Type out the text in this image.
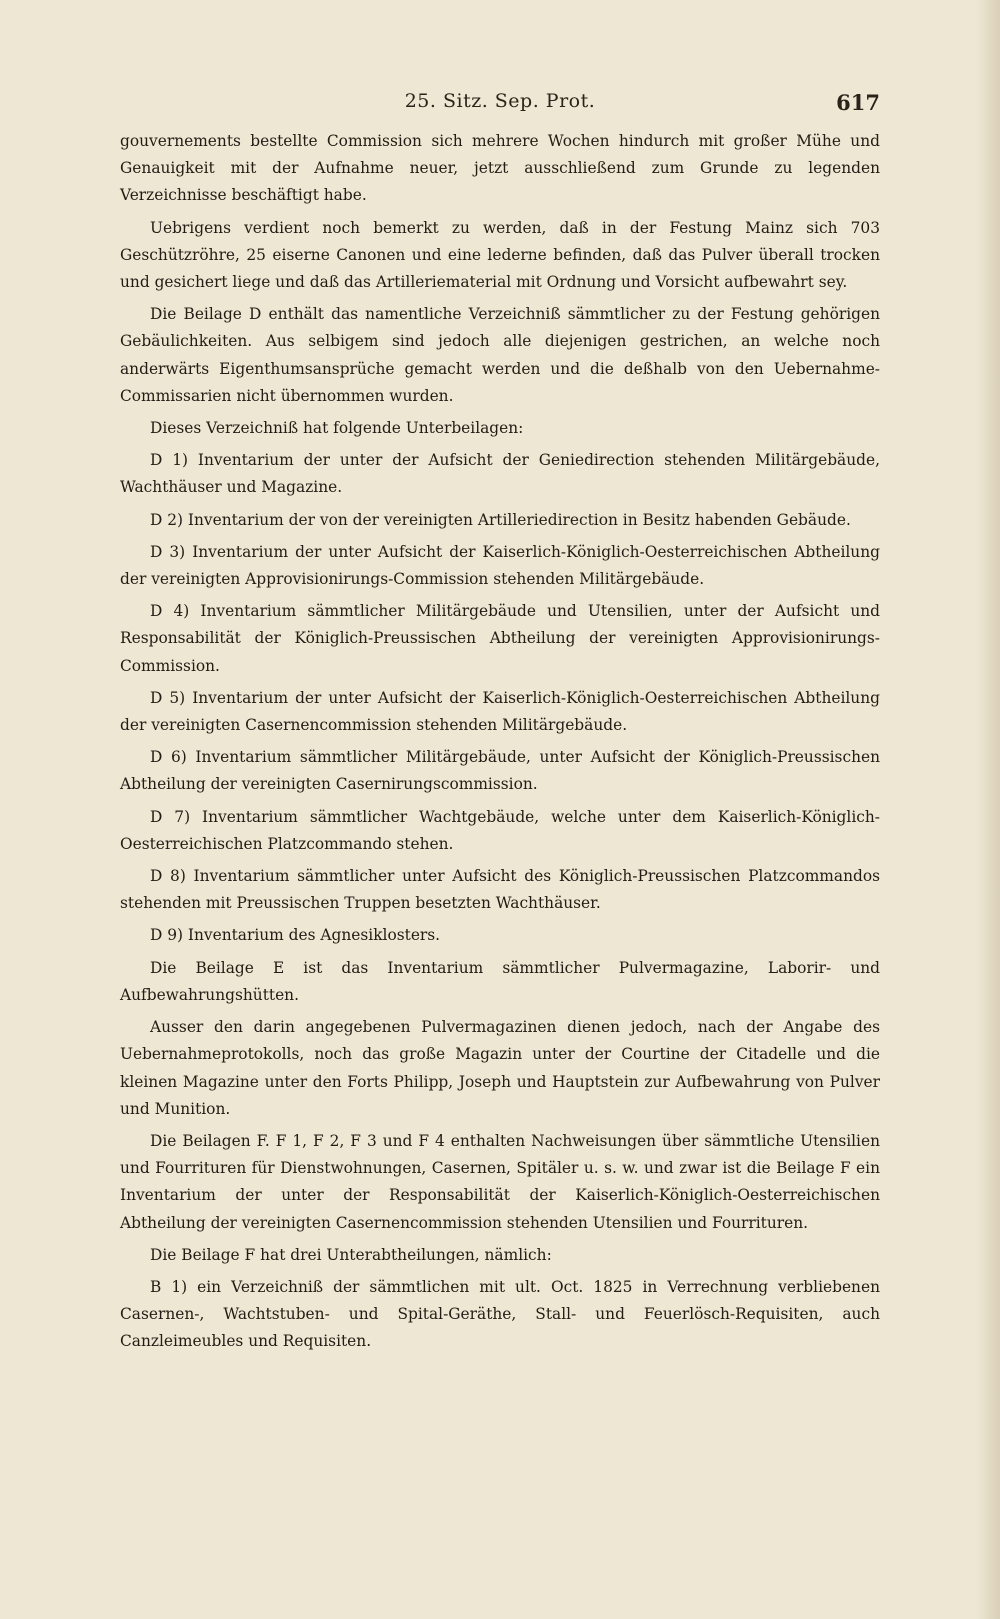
25. Sitz. Sep. Prot.	617

gouvernements bestellte Commission sich mehrere Wochen hindurch mit großer Mühe und Genauigkeit mit der Aufnahme neuer, jetzt ausschließend zum Grunde zu legenden Verzeichnisse beschäftigt habe.

Uebrigens verdient noch bemerkt zu werden, daß in der Festung Mainz sich 703 Geschützröhre, 25 eiserne Canonen und eine lederne befinden, daß das Pulver überall trocken und gesichert liege und daß das Artilleriematerial mit Ordnung und Vorsicht aufbewahrt sey.

Die Beilage D enthält das namentliche Verzeichniß sämmtlicher zu der Festung gehörigen Gebäulichkeiten. Aus selbigem sind jedoch alle diejenigen gestrichen, an welche noch anderwärts Eigenthumsansprüche gemacht werden und die deßhalb von den Uebernahme-Commissarien nicht übernommen wurden.

Dieses Verzeichniß hat folgende Unterbeilagen:

D 1) Inventarium der unter der Aufsicht der Geniedirection stehenden Militärgebäude, Wachthäuser und Magazine.

D 2) Inventarium der von der vereinigten Artilleriedirection in Besitz habenden Gebäude.

D 3) Inventarium der unter Aufsicht der Kaiserlich-Königlich-Oesterreichischen Abtheilung der vereinigten Approvisionirungs-Commission stehenden Militärgebäude.

D 4) Inventarium sämmtlicher Militärgebäude und Utensilien, unter der Aufsicht und Responsabilität der Königlich-Preussischen Abtheilung der vereinigten Approvisionirungs-Commission.

D 5) Inventarium der unter Aufsicht der Kaiserlich-Königlich-Oesterreichischen Abtheilung der vereinigten Casernencommission stehenden Militärgebäude.

D 6) Inventarium sämmtlicher Militärgebäude, unter Aufsicht der Königlich-Preussischen Abtheilung der vereinigten Casernirungscommission.

D 7) Inventarium sämmtlicher Wachtgebäude, welche unter dem Kaiserlich-Königlich-Oesterreichischen Platzcommando stehen.

D 8) Inventarium sämmtlicher unter Aufsicht des Königlich-Preussischen Platzcommandos stehenden mit Preussischen Truppen besetzten Wachthäuser.

D 9) Inventarium des Agnesiklosters.

Die Beilage E ist das Inventarium sämmtlicher Pulvermagazine, Laborir- und Aufbewahrungshütten.

Ausser den darin angegebenen Pulvermagazinen dienen jedoch, nach der Angabe des Uebernahmeprotokolls, noch das große Magazin unter der Courtine der Citadelle und die kleinen Magazine unter den Forts Philipp, Joseph und Hauptstein zur Aufbewahrung von Pulver und Munition.

Die Beilagen F. F 1, F 2, F 3 und F 4 enthalten Nachweisungen über sämmtliche Utensilien und Fourrituren für Dienstwohnungen, Casernen, Spitäler u. s. w. und zwar ist die Beilage F ein Inventarium der unter der Responsabilität der Kaiserlich-Königlich-Oesterreichischen Abtheilung der vereinigten Casernencommission stehenden Utensilien und Fourrituren.

Die Beilage F hat drei Unterabtheilungen, nämlich:

B 1) ein Verzeichniß der sämmtlichen mit ult. Oct. 1825 in Verrechnung verbliebenen Casernen-, Wachtstuben- und Spital-Geräthe, Stall- und Feuerlösch-Requisiten, auch Canzleimeubles und Requisiten.
